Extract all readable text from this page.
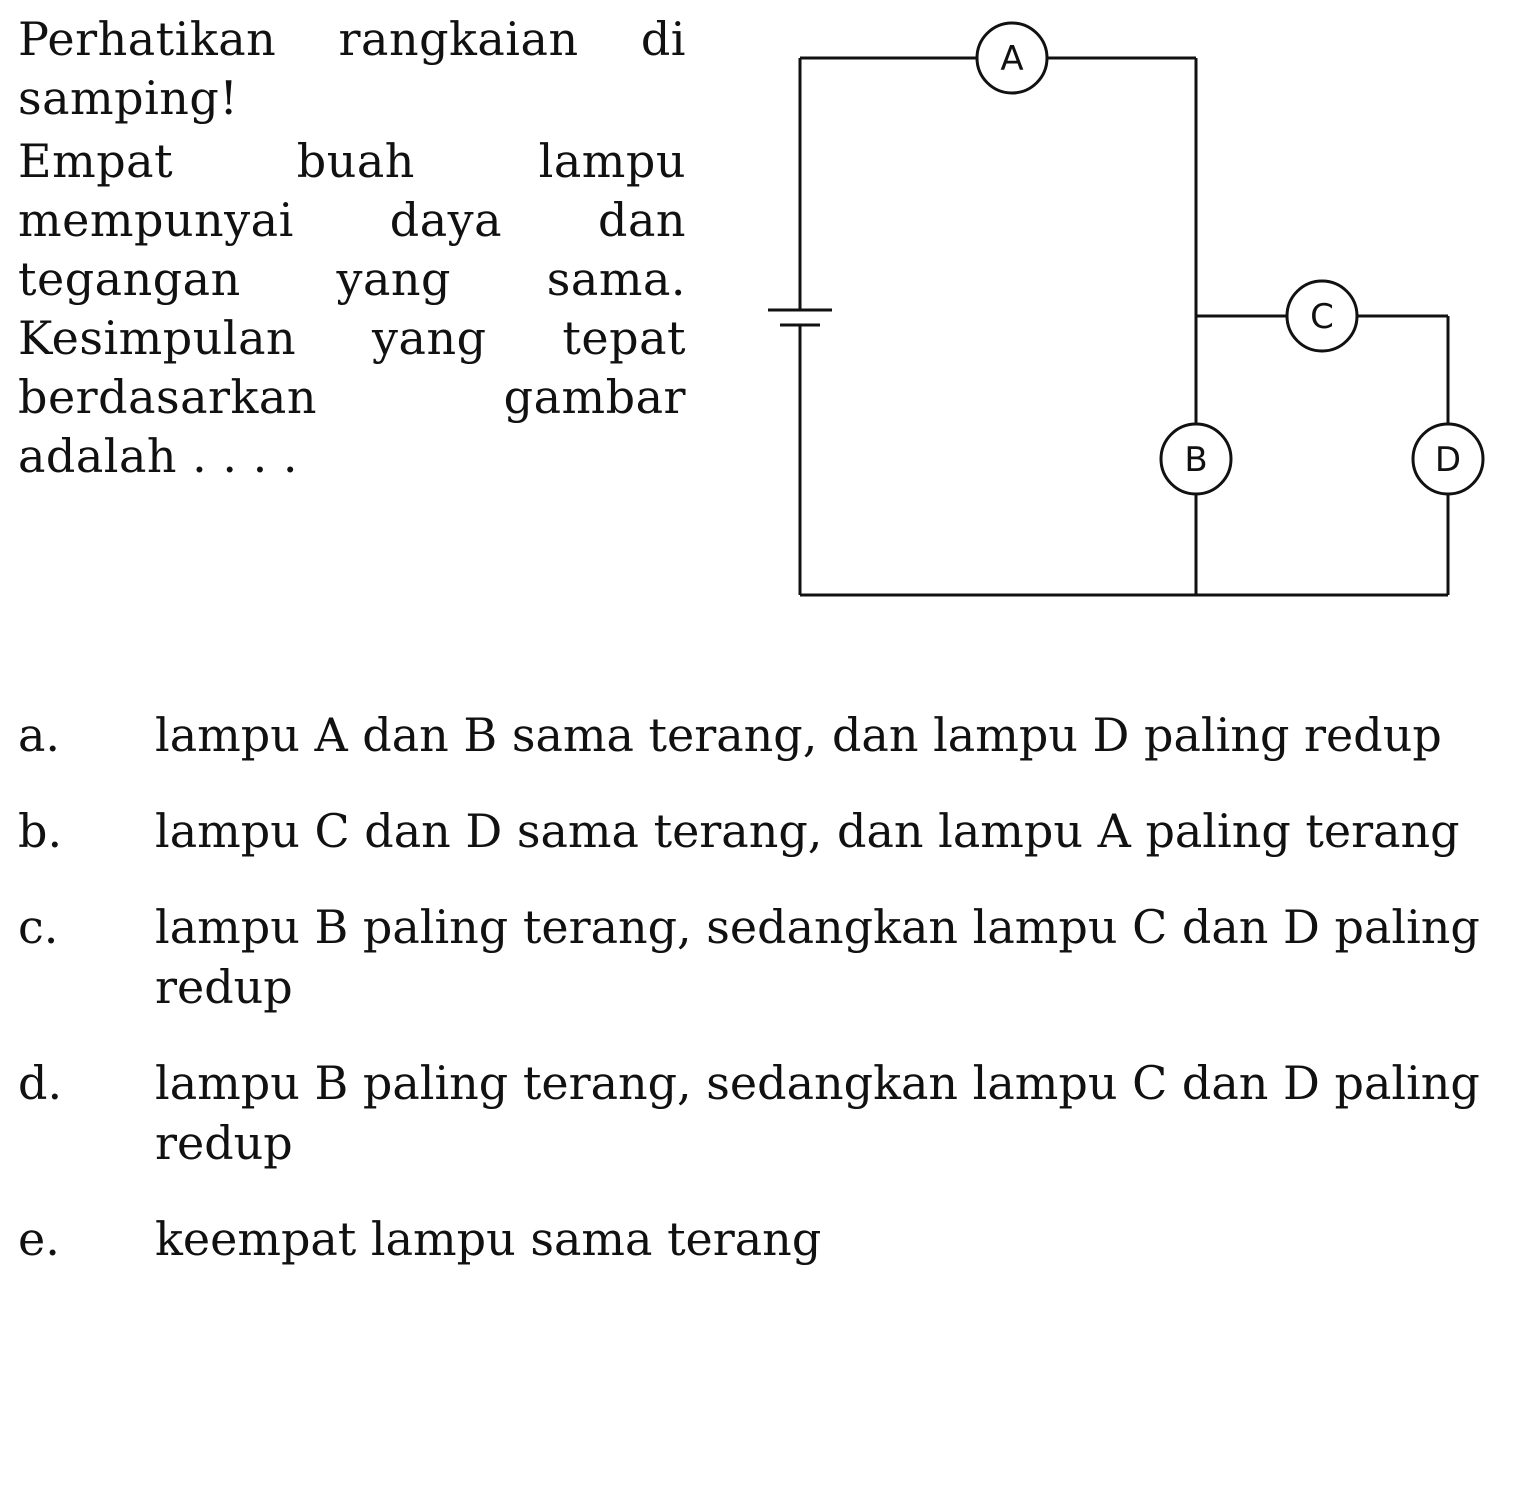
Perhatikan rangkaian di samping!

Empat buah lampu mempunyai daya dan tegangan yang sama. Kesimpulan yang tepat berdasarkan gambar adalah . . . .

A
C
B	D
a. lampu A dan B sama terang, dan lampu D paling redup
b. lampu C dan D sama terang, dan lampu A paling terang
c. lampu B paling terang, sedangkan lampu C dan D paling redup
d. lampu B paling terang, sedangkan lampu C dan D paling redup
e. keempat lampu sama terang
